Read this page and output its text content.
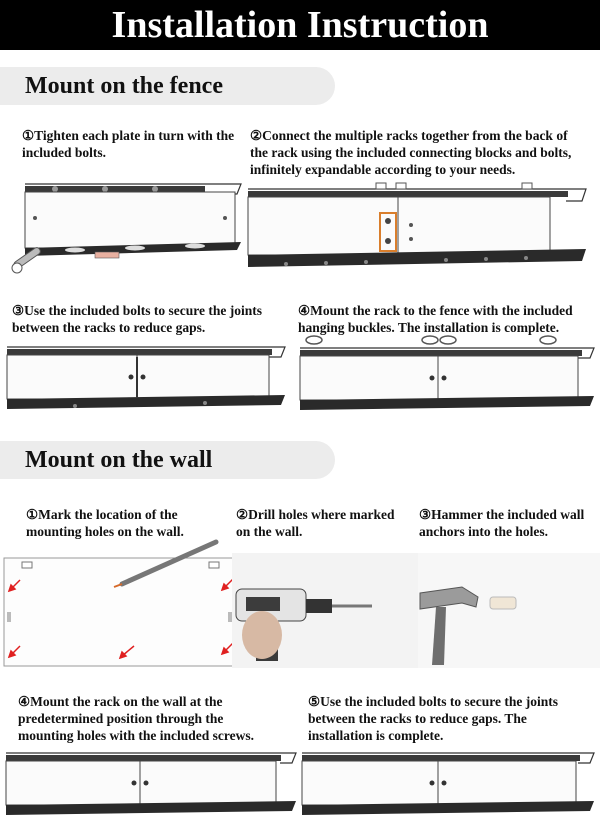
Installation Instruction
Mount on the fence
①Tighten each plate in turn with the included bolts.
②Connect the multiple racks together from the back of the rack using the included connecting blocks and bolts, infinitely expandable according to your needs.
③Use the included bolts to secure the joints between the racks to reduce gaps.
④Mount the rack to the fence with the included hanging buckles. The installation is complete.
Mount on the wall
①Mark the location of the mounting holes on the wall.
②Drill holes where marked on the wall.
③Hammer the included wall anchors into the holes.
④Mount the rack on the wall at the predetermined position through the mounting holes with the included screws.
⑤Use the included bolts to secure the joints between the racks to reduce gaps. The installation is complete.
